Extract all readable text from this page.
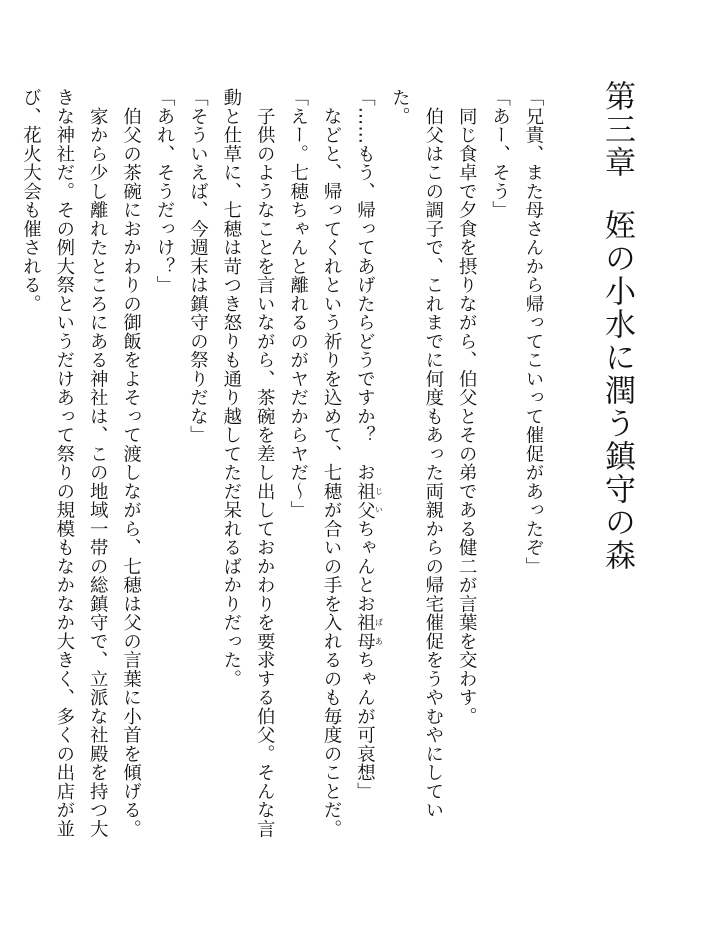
第三章姪の小水に潤う鎮守の森

「兄貴、また母さんから帰ってこいって催促があったぞ」

「あー、そう」

　同じ食卓で夕食を摂りながら、伯父とその弟である健二が言葉を交わす。

　伯父はこの調子で、これまでに何度もあった両親からの帰宅催促をうやむやにしていた。

「……もう、帰ってあげたらどうですか？　お祖父 じいちゃんとお祖母 ばあちゃんが可哀想」

　などと、帰ってくれという祈りを込めて、七穂が合いの手を入れるのも毎度のことだ。

「えー。七穂ちゃんと離れるのがヤだからヤだ～」

　子供のようなことを言いながら、茶碗を差し出しておかわりを要求する伯父。そんな言動と仕草に、七穂は苛つき怒りも通り越してただ呆れるばかりだった。

「そういえば、今週末は鎮守の祭りだな」

「あれ、そうだっけ？」

　伯父の茶碗におかわりの御飯をよそって渡しながら、七穂は父の言葉に小首を傾げる。

　家から少し離れたところにある神社は、この地域一帯の総鎮守で、立派な社殿を持つ大きな神社だ。その例大祭というだけあって祭りの規模もなかなか大きく、多くの出店が並び、花火大会も催される。
